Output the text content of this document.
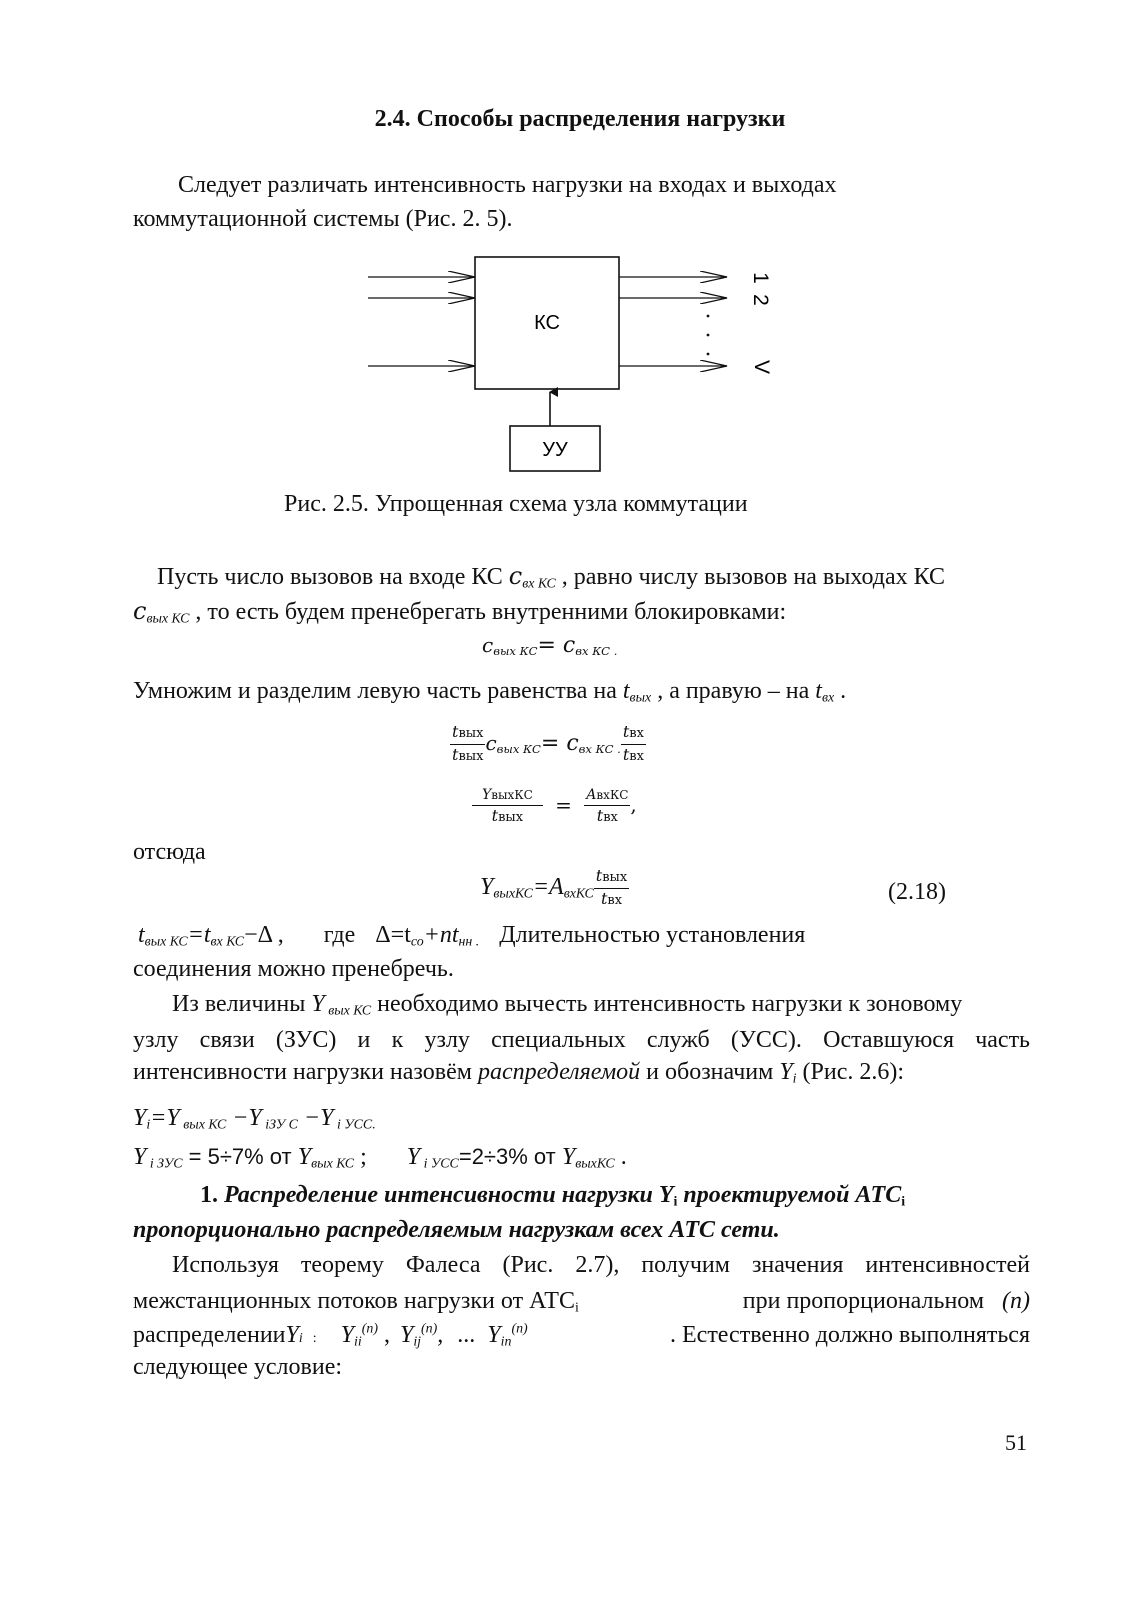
2.4. Способы распределения нагрузки
Следует различать интенсивность нагрузки на входах и выходах
коммутационной системы (Рис. 2. 5).
КС
1
2
V
УУ
Рис. 2.5. Упрощенная схема узла коммутации
Пусть число вызовов на входе КС $c_{вх КС}$ , равно числу вызовов на выходах КС
$c_{вых КС}$ , то есть будем пренебрегать внутренними блокировками:
$c_{вых КС}= c_{вх КС .}$
Умножим и разделим левую часть равенства на $t_{вых}$ , а правую – на $t_{вх}$ .
$\frac{\text{tвых}}{\text{tвых}} c_{вых КС}= c_{вх КС .} \frac{\text{tвх}}{\text{tвх}}$
$\frac{\text{YвыхКС}}{\text{tвых}} = \frac{\text{AвхКС}}{\text{tвх}}$ ,
отсюда
$Y_{выхКС}=A_{вхКС} \frac{\text{tвых}}{\text{tвх}}$	(2.18)
$t_{вых КС}=t_{вх КС}-\Delta$ , где $\Delta=t_{со}+nt_{нн .}$ Длительностью установления
соединения можно пренебречь.
Из величины Y $_{вых КС}$ необходимо вычесть интенсивность нагрузки к зоновому
узлу связи (ЗУС) и к узлу специальных служб (УСС). Оставшуюся часть
интенсивности нагрузки назовём распределяемой и обозначим $Y_i$ (Рис. 2.6):
$Y_i=Y$ $_{вых КС}$ −Y $_{iЗУ С}$ −Y $_{i УСС.}$
Y $_{i ЗУС}$ = 5÷7% от $Y_{вых КС}$ ; Y $_{i УСС}$=2÷3% от $Y_{выхКС}$ .
1. Распределение интенсивности нагрузки $Y_i$ проектируемой $АТС_i$
пропорционально распределяемым нагрузкам всех АТС сети.
Используя теорему Фалеса (Рис. 2.7), получим значения интенсивностей
межстанционных потоков нагрузки от $АТС_i$	при пропорциональном (n)
распределении Y i : $Y_{ii}^{(n)}$ , $Y_{ij}^{(n)}$, ... $Y_{in}^{(n)}$	. Естественно должно выполняться
следующее условие:
51
